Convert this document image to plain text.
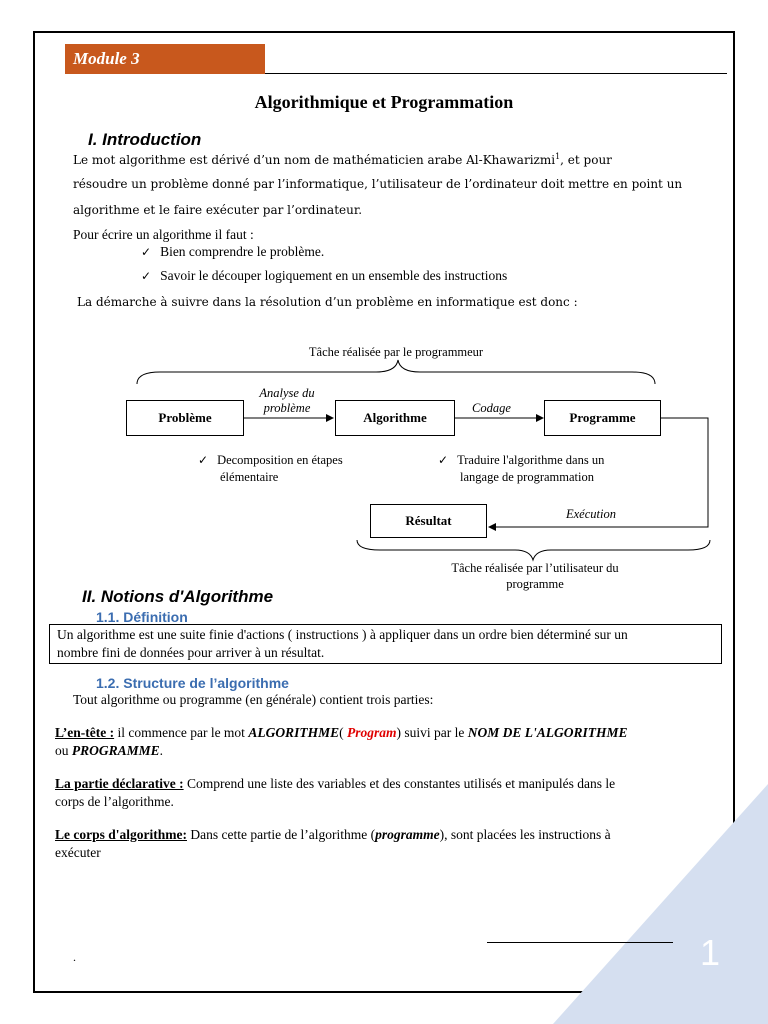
1
Module 3
Algorithmique et Programmation
I. Introduction
Le mot algorithme est dérivé d’un nom de mathématicien arabe Al-Khawarizmi$^1$, et pour
résoudre un problème donné par l’informatique, l’utilisateur de l’ordinateur doit mettre en point un
algorithme et le faire exécuter par l’ordinateur.
Pour écrire un algorithme il faut :
✓ Bien comprendre le problème.
✓ Savoir le découper logiquement en un ensemble des instructions
La démarche à suivre dans la résolution d’un problème en informatique est donc :
Tâche réalisée par le programmeur
Problème	Algorithme	Programme
Résultat
Analyse du
problème	Codage
Exécution
✓ Decomposition en étapes
élémentaire
✓ Traduire l'algorithme dans un
langage de programmation
Tâche réalisée par l’utilisateur du
programme
II. Notions d'Algorithme
1.1. Définition
Un algorithme est une suite finie d'actions ( instructions ) à appliquer dans un ordre bien déterminé sur un
nombre fini de données pour arriver à un résultat.
1.2. Structure de l’algorithme
Tout algorithme ou programme (en générale) contient trois parties:
L’en-tête : il commence par le mot ALGORITHME( Program) suivi par le NOM DE L'ALGORITHME
ou PROGRAMME.
La partie déclarative : Comprend une liste des variables et des constantes utilisés et manipulés dans le
corps de l’algorithme.
Le corps d'algorithme: Dans cette partie de l’algorithme (programme), sont placées les instructions à
exécuter
.
